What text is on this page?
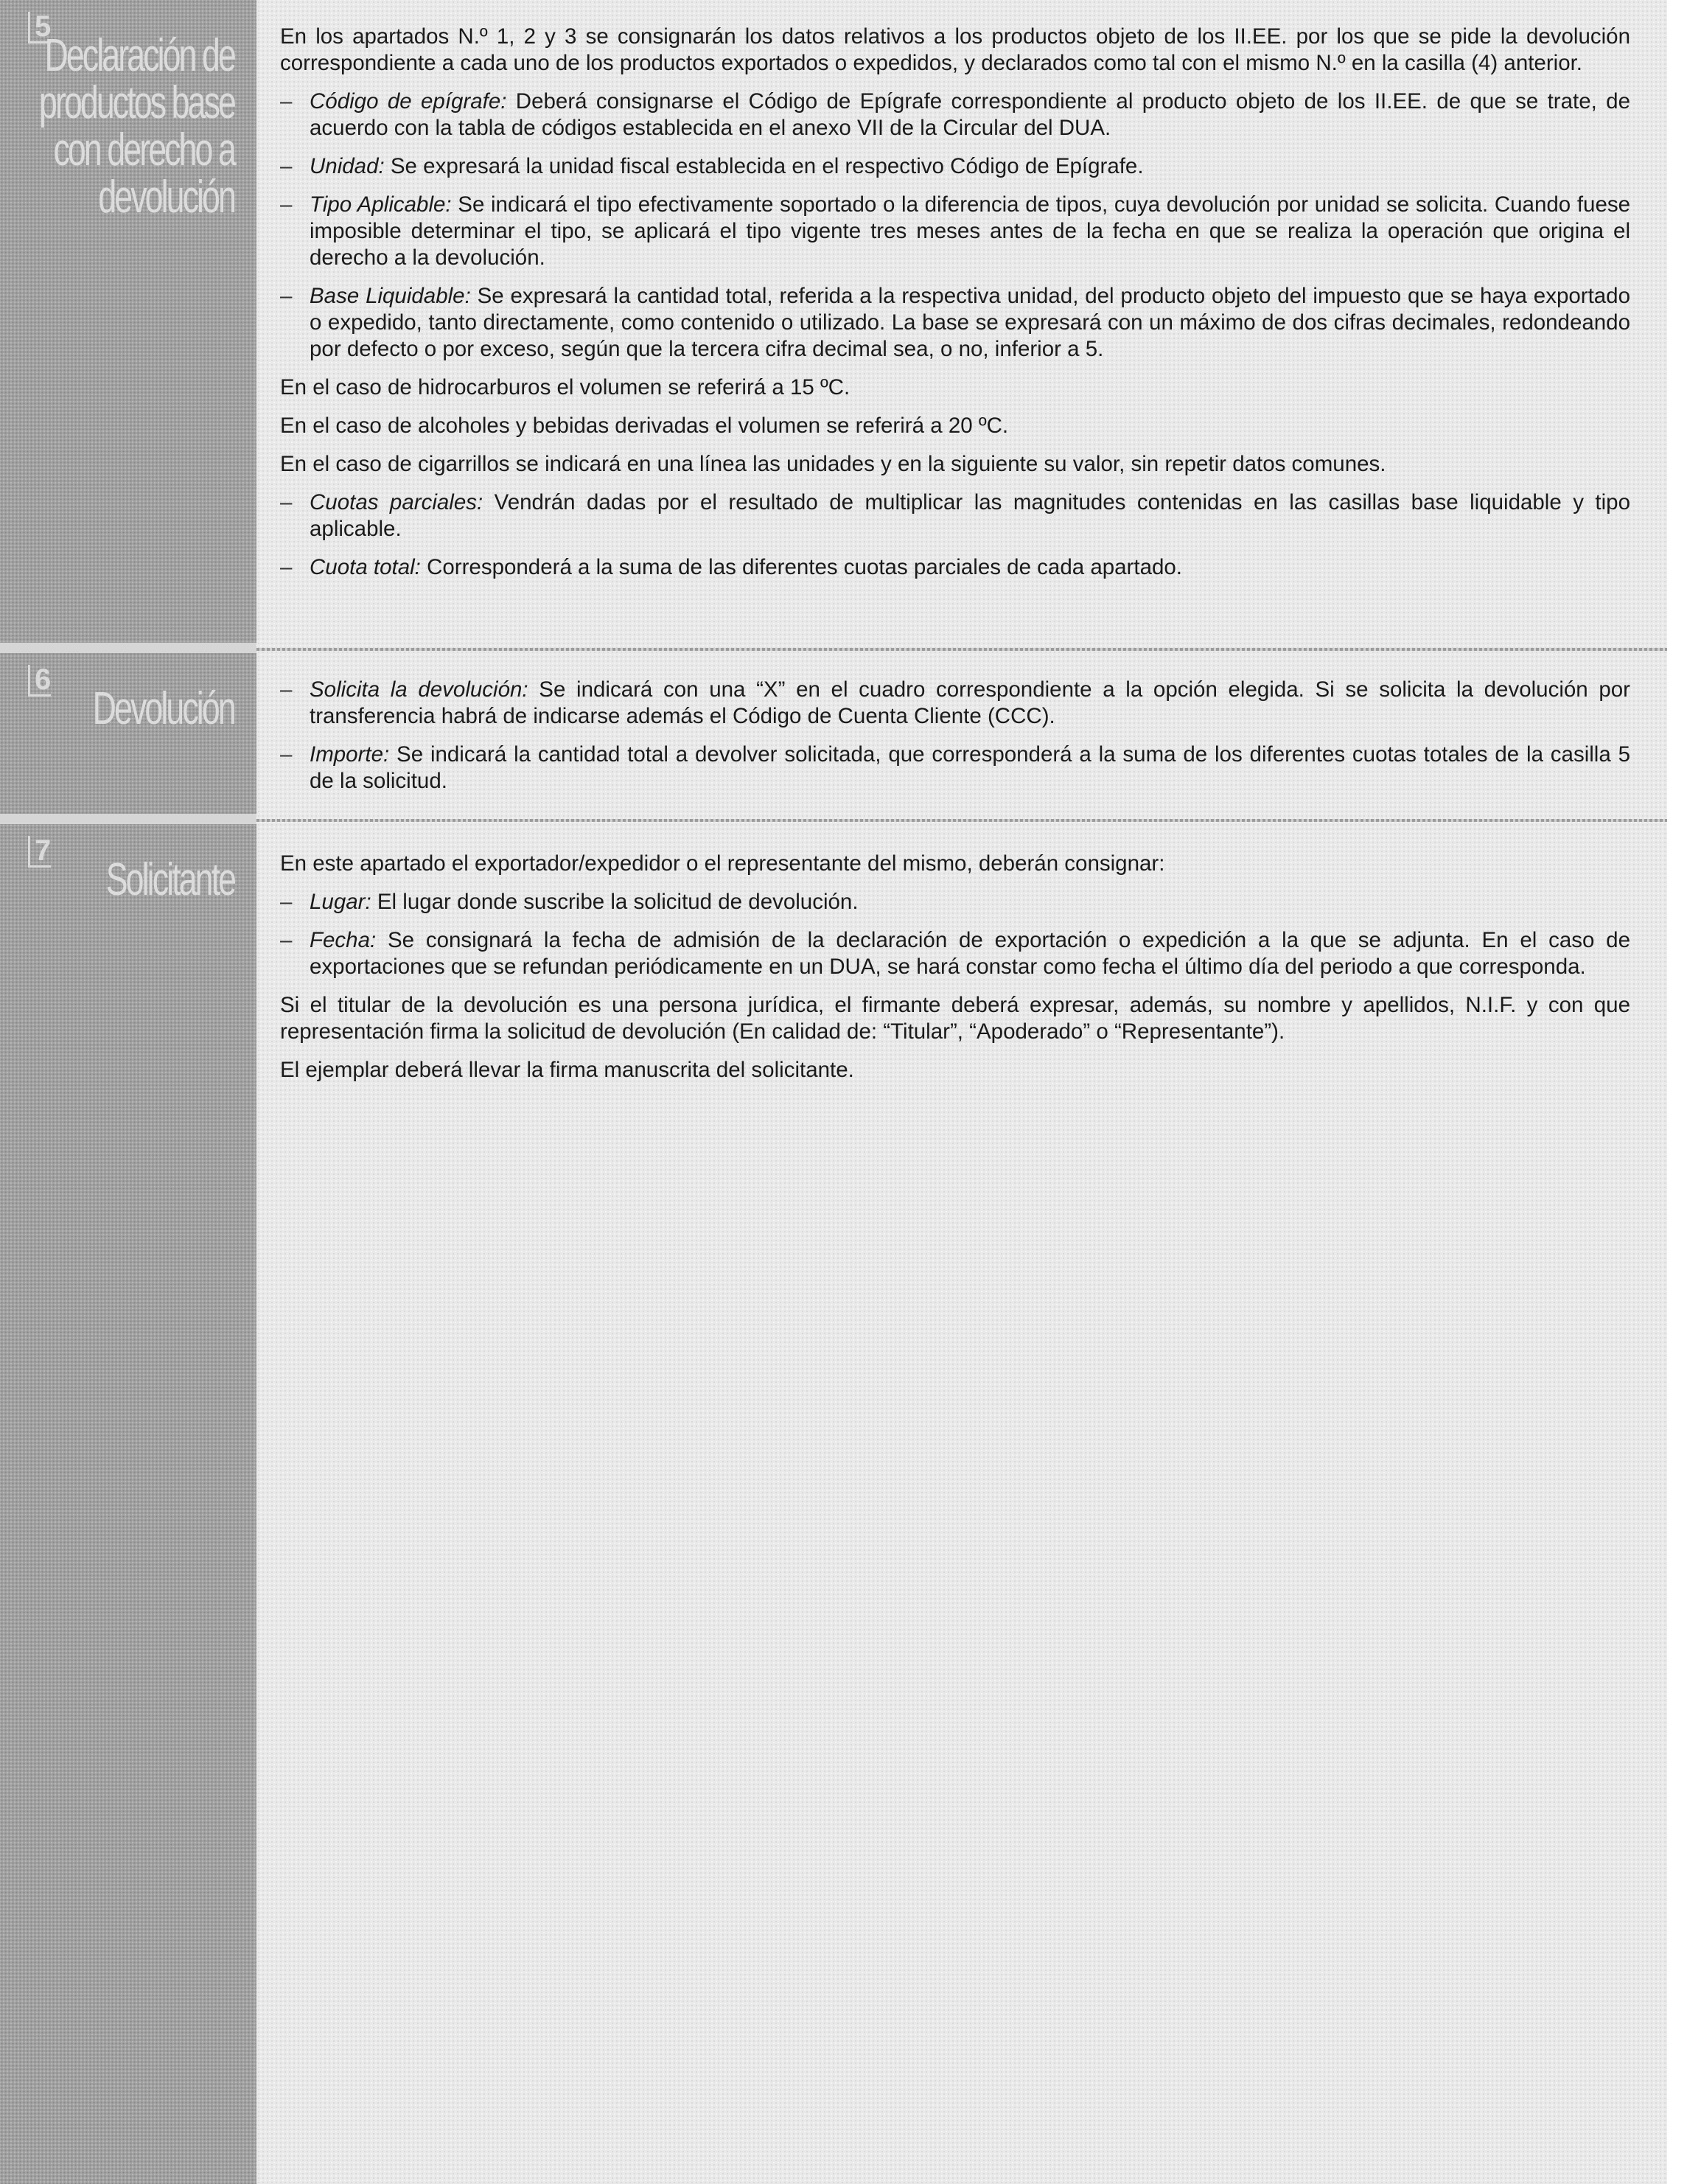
5
Declaración de
productos base
con derecho a
devolución

En los apartados N.º 1, 2 y 3 se consignarán los datos relativos a los productos objeto de los II.EE. por los que se pide la devolución correspondiente a cada uno de los productos exportados o expedidos, y declarados como tal con el mismo N.º en la casilla (4) anterior.

– Código de epígrafe: Deberá consignarse el Código de Epígrafe correspondiente al producto objeto de los II.EE. de que se trate, de acuerdo con la tabla de códigos establecida en el anexo VII de la Circular del DUA.

– Unidad: Se expresará la unidad fiscal establecida en el respectivo Código de Epígrafe.

– Tipo Aplicable: Se indicará el tipo efectivamente soportado o la diferencia de tipos, cuya devolución por unidad se solicita. Cuando fuese imposible determinar el tipo, se aplicará el tipo vigente tres meses antes de la fecha en que se realiza la operación que origina el derecho a la devolución.

– Base Liquidable: Se expresará la cantidad total, referida a la respectiva unidad, del producto objeto del impuesto que se haya exportado o expedido, tanto directamente, como contenido o utilizado. La base se expresará con un máximo de dos cifras decimales, redondeando por defecto o por exceso, según que la tercera cifra decimal sea, o no, inferior a 5.

En el caso de hidrocarburos el volumen se referirá a 15 ºC.

En el caso de alcoholes y bebidas derivadas el volumen se referirá a 20 ºC.

En el caso de cigarrillos se indicará en una línea las unidades y en la siguiente su valor, sin repetir datos comunes.

– Cuotas parciales: Vendrán dadas por el resultado de multiplicar las magnitudes contenidas en las casillas base liquidable y tipo aplicable.

– Cuota total: Corresponderá a la suma de las diferentes cuotas parciales de cada apartado.

6
Devolución – Solicita la devolución: Se indicará con una “X” en el cuadro correspondiente a la opción elegida. Si se solicita la devolución por transferencia habrá de indicarse además el Código de Cuenta Cliente (CCC).

– Importe: Se indicará la cantidad total a devolver solicitada, que corresponderá a la suma de los diferentes cuotas totales de la casilla 5 de la solicitud.

7
Solicitante En este apartado el exportador/expedidor o el representante del mismo, deberán consignar:

– Lugar: El lugar donde suscribe la solicitud de devolución.

– Fecha: Se consignará la fecha de admisión de la declaración de exportación o expedición a la que se adjunta. En el caso de exportaciones que se refundan periódicamente en un DUA, se hará constar como fecha el último día del periodo a que corresponda.

Si el titular de la devolución es una persona jurídica, el firmante deberá expresar, además, su nombre y apellidos, N.I.F. y con que representación firma la solicitud de devolución (En calidad de: “Titular”, “Apoderado” o “Representante”).

El ejemplar deberá llevar la firma manuscrita del solicitante.
